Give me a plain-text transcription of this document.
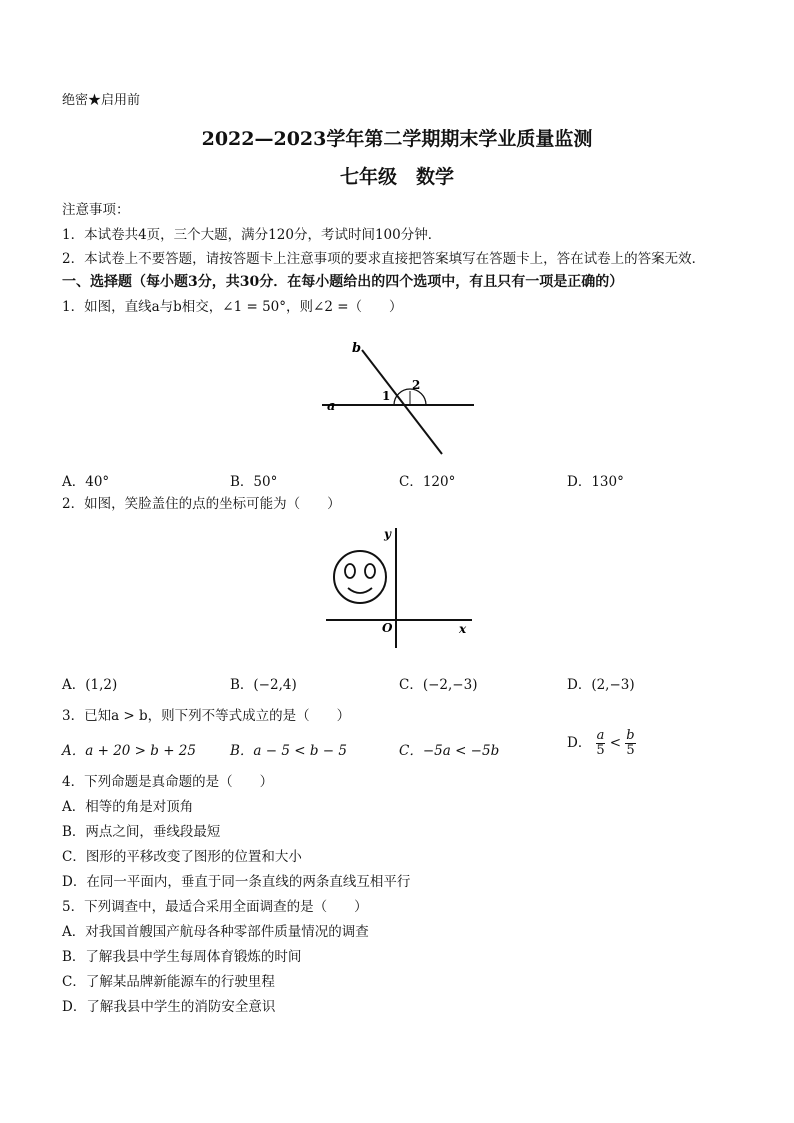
绝密★启用前
2022—2023学年第二学期期末学业质量监测
七年级　数学
注意事项：
1．本试卷共4页，三个大题，满分120分，考试时间100分钟．
2．本试卷上不要答题，请按答题卡上注意事项的要求直接把答案填写在答题卡上，答在试卷上的答案无效．
一、选择题（每小题3分，共30分．在每小题给出的四个选项中，有且只有一项是正确的）
1．如图，直线a与b相交，∠1 = 50°，则∠2 =（　　）
a
b
1
2
A．40°	B．50°	C．120°	D．130°
2．如图，笑脸盖住的点的坐标可能为（　　）
y
x
O
A．(1,2)	B．(−2,4)	C．(−2,−3)	D．(2,−3)
3．已知a > b，则下列不等式成立的是（　　）
A．a + 20 > b + 25	B．a − 5 < b − 5	C．−5a < −5b	D． $\frac{a}{5} < \frac{b}{5}$
4．下列命题是真命题的是（　　）
A．相等的角是对顶角
B．两点之间，垂线段最短
C．图形的平移改变了图形的位置和大小
D．在同一平面内，垂直于同一条直线的两条直线互相平行
5．下列调查中，最适合采用全面调查的是（　　）
A．对我国首艘国产航母各种零部件质量情况的调查
B．了解我县中学生每周体育锻炼的时间
C．了解某品牌新能源车的行驶里程
D．了解我县中学生的消防安全意识
